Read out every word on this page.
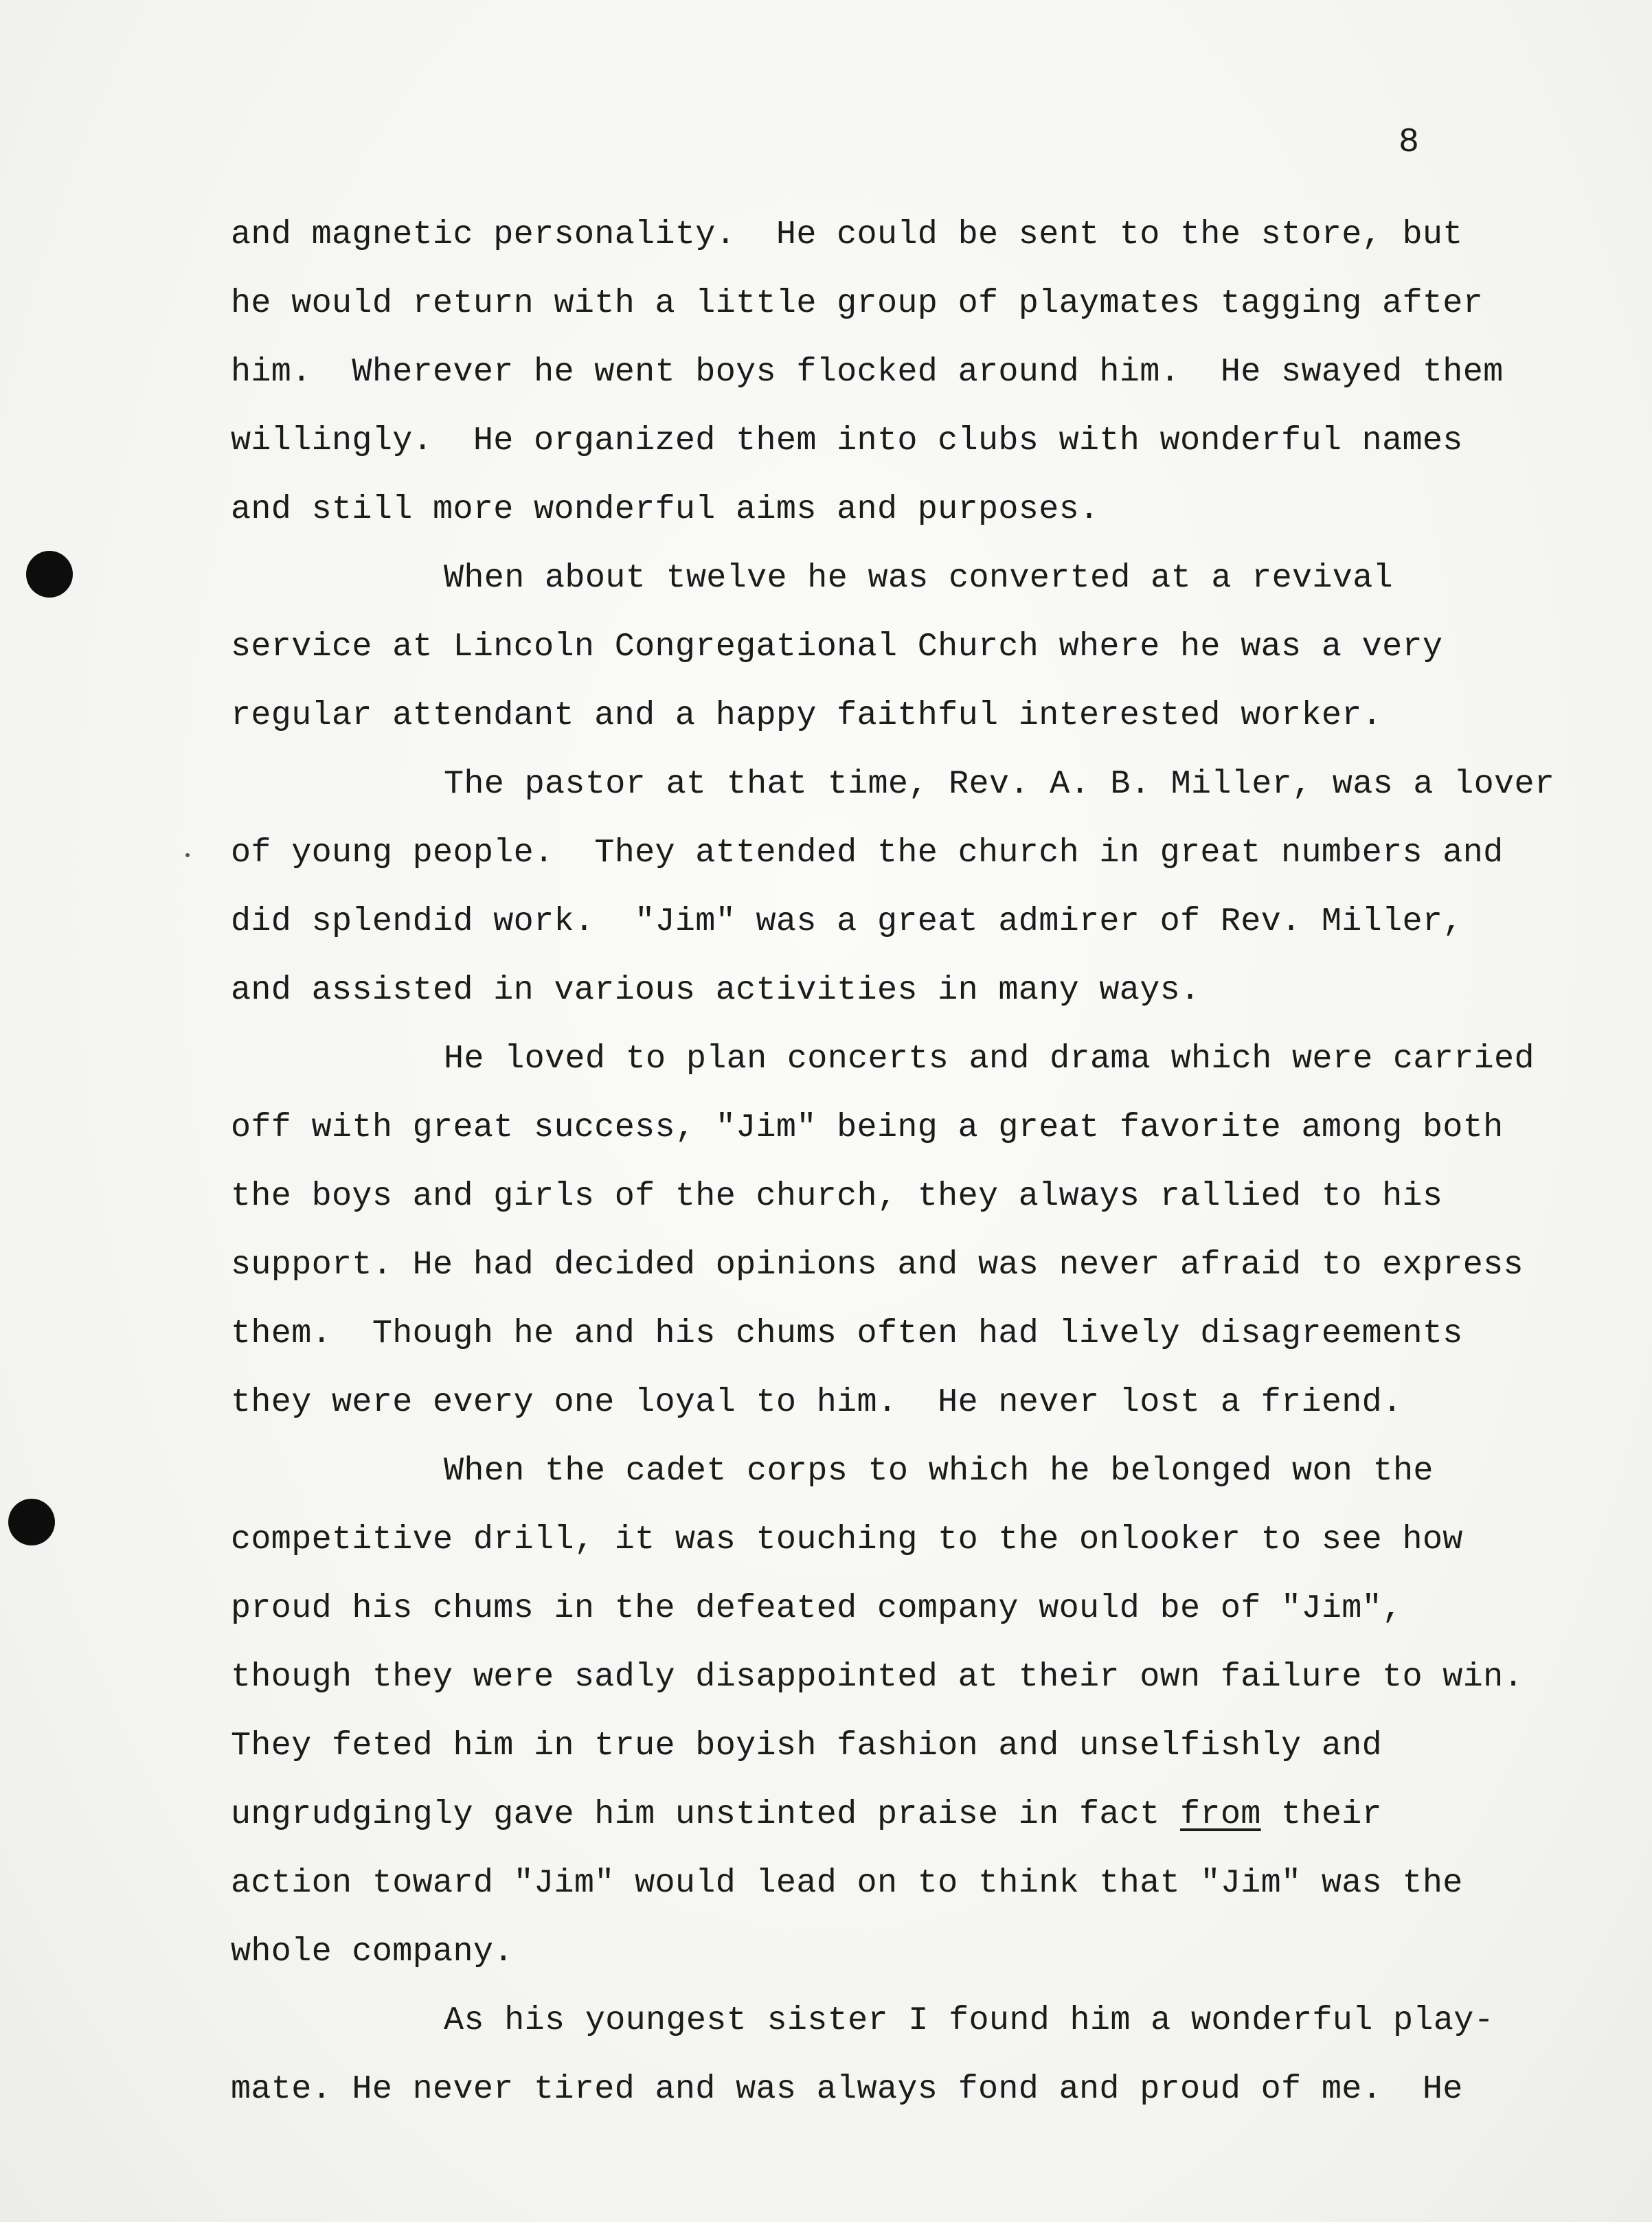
8
and magnetic personality.  He could be sent to the store, but
he would return with a little group of playmates tagging after
him.  Wherever he went boys flocked around him.  He swayed them
willingly.  He organized them into clubs with wonderful names
and still more wonderful aims and purposes.
When about twelve he was converted at a revival
service at Lincoln Congregational Church where he was a very
regular attendant and a happy faithful interested worker.
The pastor at that time, Rev. A. B. Miller, was a lover
of young people.  They attended the church in great numbers and
did splendid work.  "Jim" was a great admirer of Rev. Miller,
and assisted in various activities in many ways.
He loved to plan concerts and drama which were carried
off with great success, "Jim" being a great favorite among both
the boys and girls of the church, they always rallied to his
support. He had decided opinions and was never afraid to express
them.  Though he and his chums often had lively disagreements
they were every one loyal to him.  He never lost a friend.
When the cadet corps to which he belonged won the
competitive drill, it was touching to the onlooker to see how
proud his chums in the defeated company would be of "Jim",
though they were sadly disappointed at their own failure to win.
They feted him in true boyish fashion and unselfishly and
ungrudgingly gave him unstinted praise in fact from their
action toward "Jim" would lead on to think that "Jim" was the
whole company.
As his youngest sister I found him a wonderful play-
mate. He never tired and was always fond and proud of me.  He
